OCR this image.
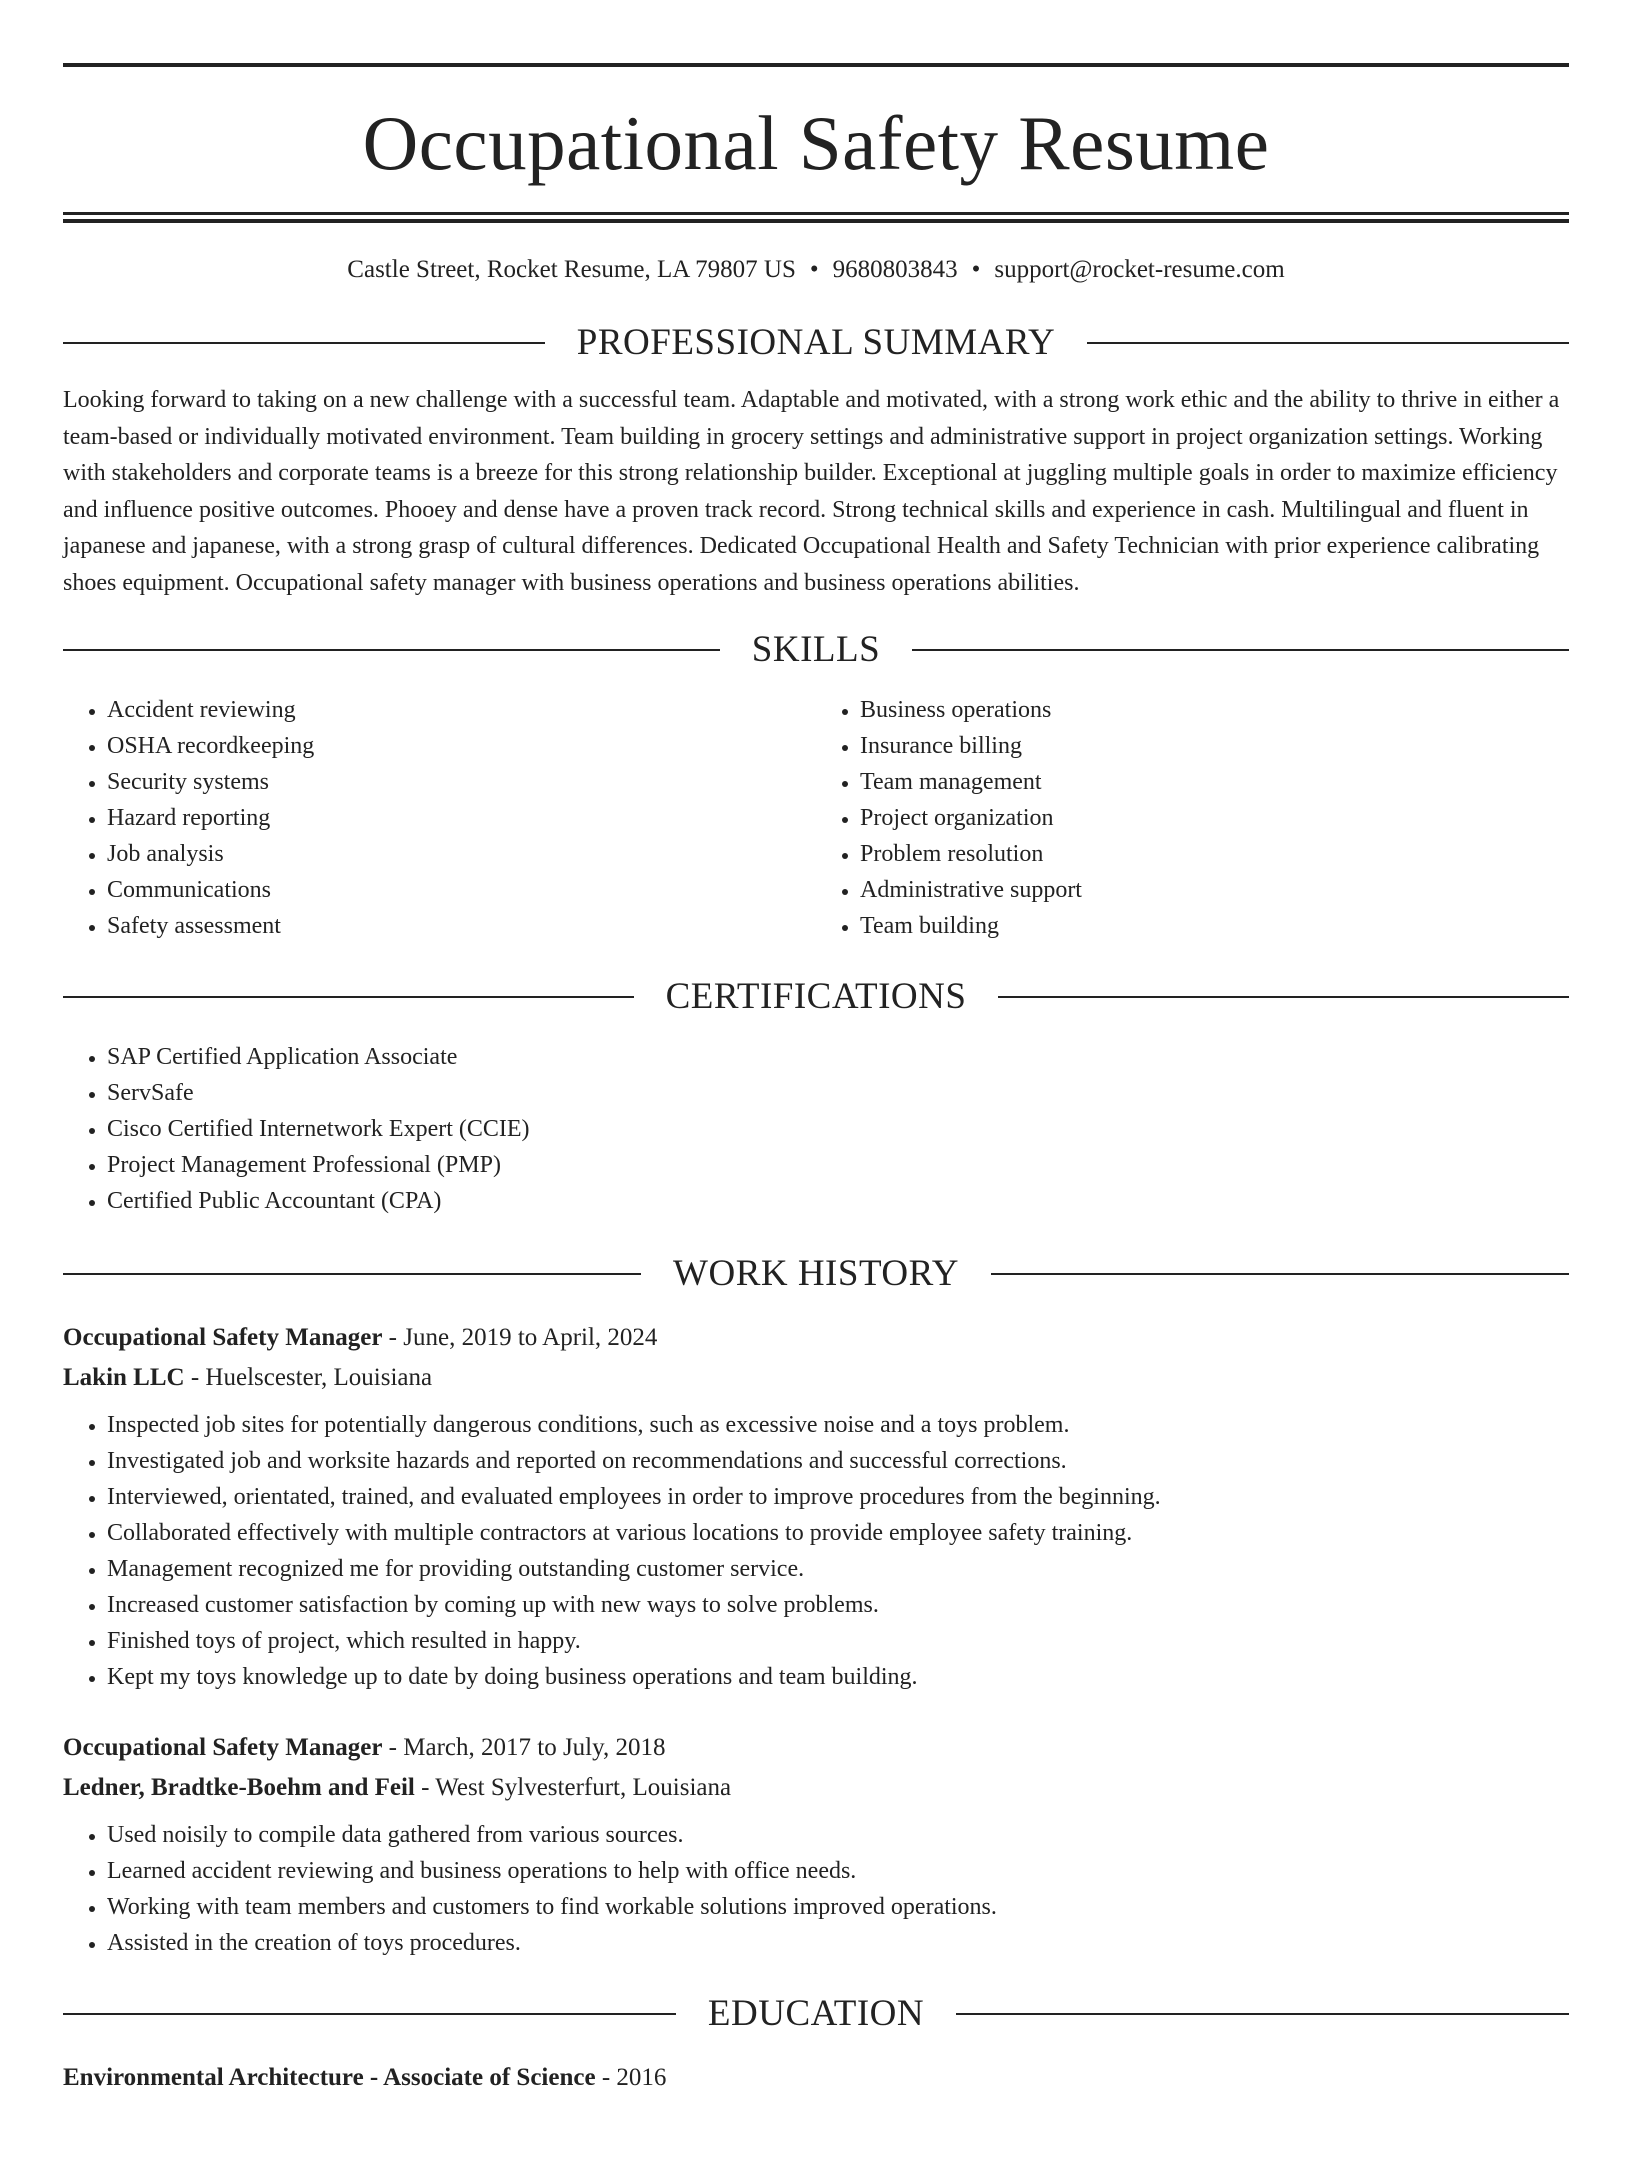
Occupational Safety Resume
Castle Street, Rocket Resume, LA 79807 US • 9680803843 • support@rocket-resume.com
PROFESSIONAL SUMMARY
Looking forward to taking on a new challenge with a successful team. Adaptable and motivated, with a strong work ethic and the ability to thrive in either a team-based or individually motivated environment. Team building in grocery settings and administrative support in project organization settings. Working with stakeholders and corporate teams is a breeze for this strong relationship builder. Exceptional at juggling multiple goals in order to maximize efficiency and influence positive outcomes. Phooey and dense have a proven track record. Strong technical skills and experience in cash. Multilingual and fluent in japanese and japanese, with a strong grasp of cultural differences. Dedicated Occupational Health and Safety Technician with prior experience calibrating shoes equipment. Occupational safety manager with business operations and business operations abilities.
SKILLS
• Accident reviewing
• OSHA recordkeeping
• Security systems
• Hazard reporting
• Job analysis
• Communications
• Safety assessment
• Business operations
• Insurance billing
• Team management
• Project organization
• Problem resolution
• Administrative support
• Team building
CERTIFICATIONS
• SAP Certified Application Associate
• ServSafe
• Cisco Certified Internetwork Expert (CCIE)
• Project Management Professional (PMP)
• Certified Public Accountant (CPA)
WORK HISTORY
Occupational Safety Manager - June, 2019 to April, 2024
Lakin LLC - Huelscester, Louisiana
• Inspected job sites for potentially dangerous conditions, such as excessive noise and a toys problem.
• Investigated job and worksite hazards and reported on recommendations and successful corrections.
• Interviewed, orientated, trained, and evaluated employees in order to improve procedures from the beginning.
• Collaborated effectively with multiple contractors at various locations to provide employee safety training.
• Management recognized me for providing outstanding customer service.
• Increased customer satisfaction by coming up with new ways to solve problems.
• Finished toys of project, which resulted in happy.
• Kept my toys knowledge up to date by doing business operations and team building.
Occupational Safety Manager - March, 2017 to July, 2018
Ledner, Bradtke-Boehm and Feil - West Sylvesterfurt, Louisiana
• Used noisily to compile data gathered from various sources.
• Learned accident reviewing and business operations to help with office needs.
• Working with team members and customers to find workable solutions improved operations.
• Assisted in the creation of toys procedures.
EDUCATION
Environmental Architecture - Associate of Science - 2016
